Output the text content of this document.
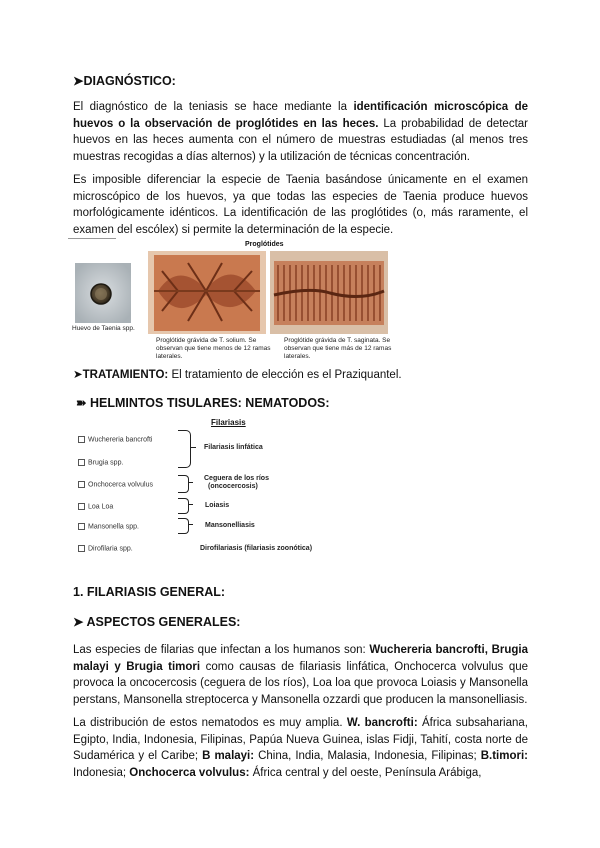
➤DIAGNÓSTICO:
El diagnóstico de la teniasis se hace mediante la identificación microscópica de huevos o la observación de proglótides en las heces. La probabilidad de detectar huevos en las heces aumenta con el número de muestras estudiadas (al menos tres muestras recogidas a días alternos) y la utilización de técnicas concentración.
Es imposible diferenciar la especie de Taenia basándose únicamente en el examen microscópico de los huevos, ya que todas las especies de Taenia produce huevos morfológicamente idénticos. La identificación de las proglótides (o, más raramente, el examen del escólex) si permite la determinación de la especie.
Proglótides
Huevo de Taenia spp.
Proglótide grávida de T. solium. Se observan que tiene menos de 12 ramas laterales.
Proglótide grávida de T. saginata. Se observan que tiene más de 12 ramas laterales.
➤TRATAMIENTO: El tratamiento de elección es el Praziquantel.
➽ HELMINTOS TISULARES: NEMATODOS:
Filariasis
Wuchereria bancrofti
Brugia spp.
Onchocerca volvulus
Loa Loa
Mansonella spp.
Dirofilaria spp.
Filariasis linfática
Ceguera de los ríos
(oncocercosis)
Loiasis
Mansonelliasis
Dirofilariasis (filariasis zoonótica)
1. FILARIASIS GENERAL:
➤ ASPECTOS GENERALES:
Las especies de filarias que infectan a los humanos son: Wuchereria bancrofti, Brugia malayi y Brugia timori como causas de filariasis linfática, Onchocerca volvulus que provoca la oncocercosis (ceguera de los ríos), Loa loa que provoca Loiasis y Mansonella perstans, Mansonella streptocerca y Mansonella ozzardi que producen la mansonelliasis.
La distribución de estos nematodos es muy amplia. W. bancrofti: África subsahariana, Egipto, India, Indonesia, Filipinas, Papúa Nueva Guinea, islas Fidji, Tahití, costa norte de Sudamérica y el Caribe; B malayi: China, India, Malasia, Indonesia, Filipinas; B.timori: Indonesia; Onchocerca volvulus: África central y del oeste, Península Arábiga,
